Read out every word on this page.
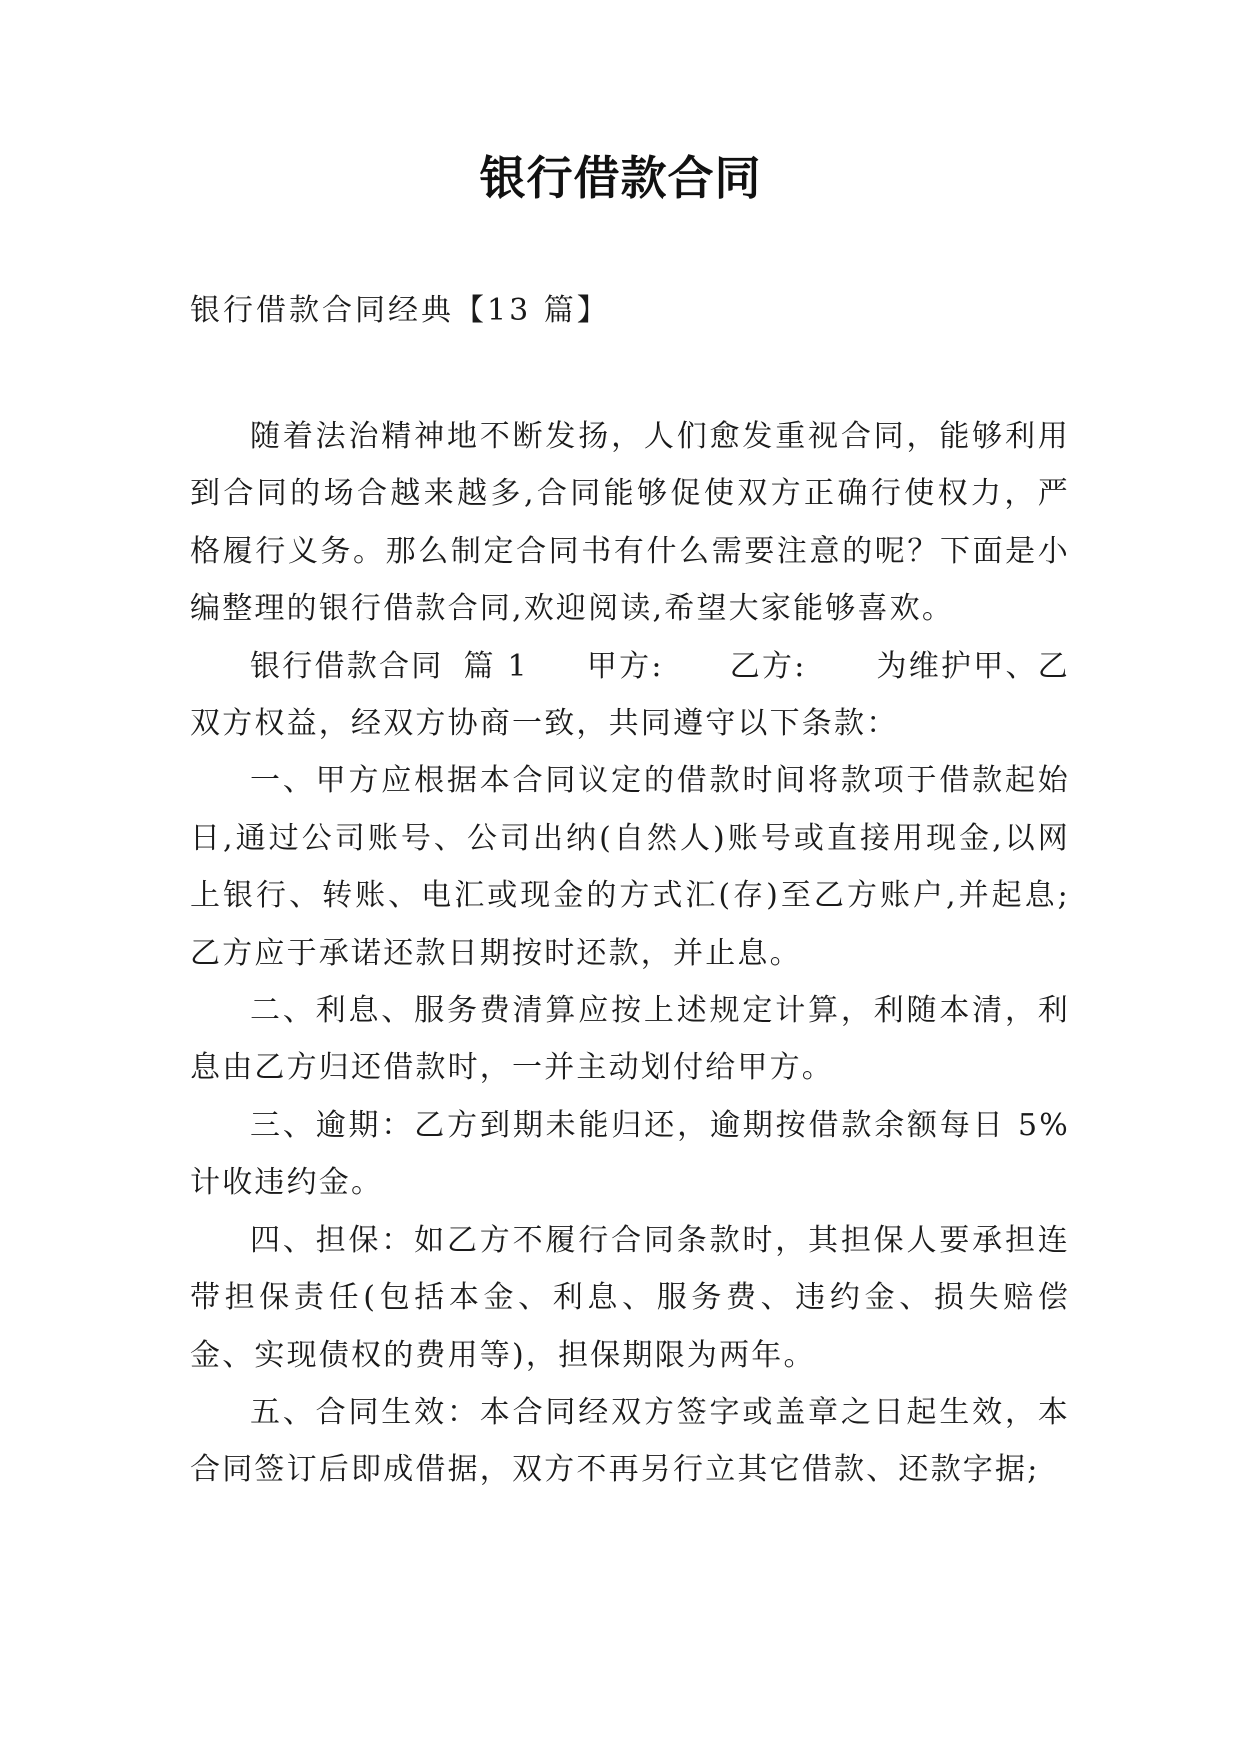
银行借款合同
银行借款合同经典【13 篇】

随着法治精神地不断发扬，人们愈发重视合同，能够利用到合同的场合越来越多,合同能够促使双方正确行使权力，严格履行义务。那么制定合同书有什么需要注意的呢？下面是小编整理的银行借款合同,欢迎阅读,希望大家能够喜欢。

银行借款合同 篇 1 甲方: 乙方: 为维护甲、乙双方权益，经双方协商一致，共同遵守以下条款：

一、甲方应根据本合同议定的借款时间将款项于借款起始日,通过公司账号、公司出纳(自然人)账号或直接用现金,以网上银行、转账、电汇或现金的方式汇(存)至乙方账户,并起息;乙方应于承诺还款日期按时还款，并止息。

二、利息、服务费清算应按上述规定计算，利随本清，利息由乙方归还借款时，一并主动划付给甲方。

三、逾期：乙方到期未能归还，逾期按借款余额每日 5%计收违约金。

四、担保：如乙方不履行合同条款时，其担保人要承担连带担保责任(包括本金、利息、服务费、违约金、损失赔偿金、实现债权的费用等)，担保期限为两年。

五、合同生效：本合同经双方签字或盖章之日起生效，本合同签订后即成借据，双方不再另行立其它借款、还款字据;
